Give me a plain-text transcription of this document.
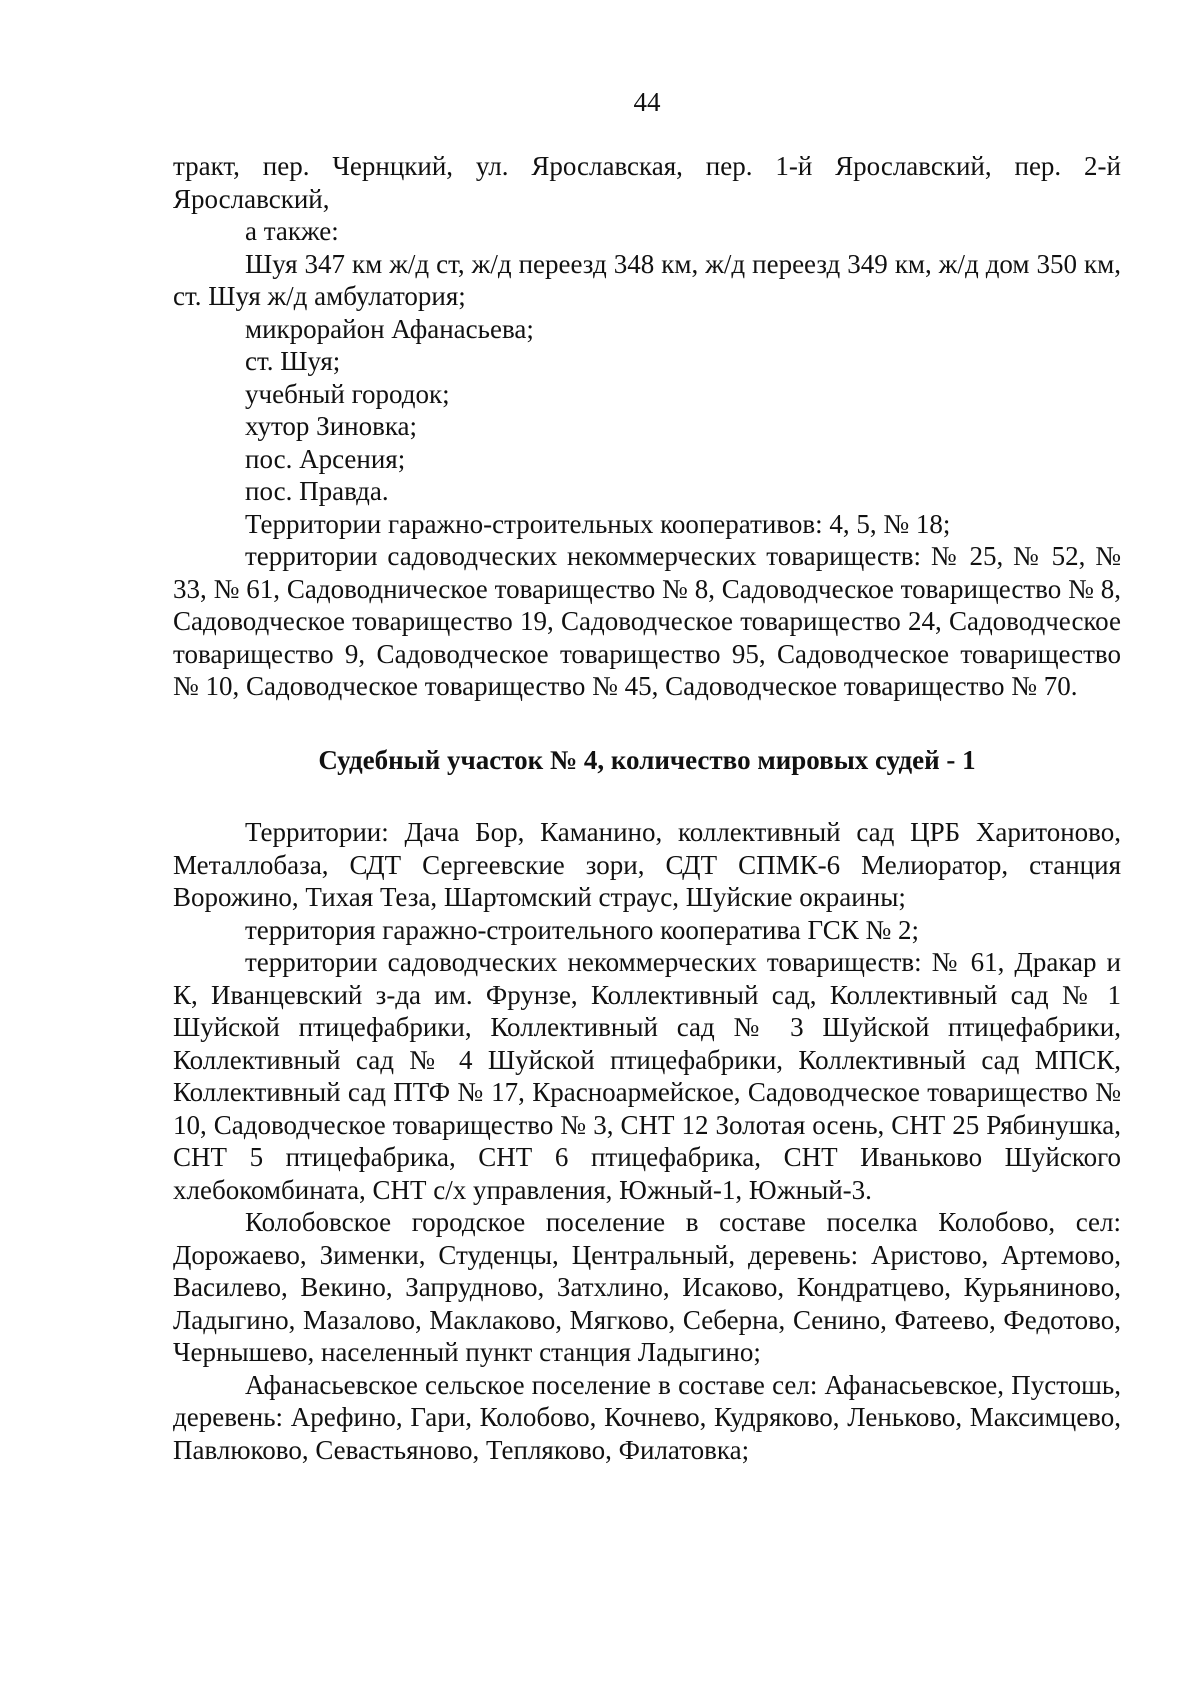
44

тракт, пер. Чернцкий, ул. Ярославская, пер. 1-й Ярославский, пер. 2-й Ярославский,

а также:

Шуя 347 км ж/д ст, ж/д переезд 348 км, ж/д переезд 349 км, ж/д дом 350 км, ст. Шуя ж/д амбулатория;

микрорайон Афанасьева;

ст. Шуя;

учебный городок;

хутор Зиновка;

пос. Арсения;

пос. Правда.

Территории гаражно-строительных кооперативов: 4, 5, № 18;

территории садоводческих некоммерческих товариществ: № 25, № 52, № 33, № 61, Садоводническое товарищество № 8, Садоводческое товарищество № 8, Садоводческое товарищество 19, Садоводческое товарищество 24, Садоводческое товарищество 9, Садоводческое товарищество 95, Садоводческое товарищество № 10, Садоводческое товарищество № 45, Садоводческое товарищество № 70.

Судебный участок № 4, количество мировых судей - 1

Территории: Дача Бор, Каманино, коллективный сад ЦРБ Харитоново, Металлобаза, СДТ Сергеевские зори, СДТ СПМК-6 Мелиоратор, станция Ворожино, Тихая Теза, Шартомский страус, Шуйские окраины;

территория гаражно-строительного кооператива ГСК № 2;

территории садоводческих некоммерческих товариществ: № 61, Дракар и К, Иванцевский з-да им. Фрунзе, Коллективный сад, Коллективный сад № 1 Шуйской птицефабрики, Коллективный сад № 3 Шуйской птицефабрики, Коллективный сад № 4 Шуйской птицефабрики, Коллективный сад МПСК, Коллективный сад ПТФ № 17, Красноармейское, Садоводческое товарищество № 10, Садоводческое товарищество № 3, СНТ 12 Золотая осень, СНТ 25 Рябинушка, СНТ 5 птицефабрика, СНТ 6 птицефабрика, СНТ Иваньково Шуйского хлебокомбината, СНТ с/х управления, Южный-1, Южный-3.

Колобовское городское поселение в составе поселка Колобово, сел: Дорожаево, Зименки, Студенцы, Центральный, деревень: Аристово, Артемово, Василево, Векино, Запрудново, Затхлино, Исаково, Кондратцево, Курьяниново, Ладыгино, Мазалово, Маклаково, Мягково, Себерна, Сенино, Фатеево, Федотово, Чернышево, населенный пункт станция Ладыгино;

Афанасьевское сельское поселение в составе сел: Афанасьевское, Пустошь, деревень: Арефино, Гари, Колобово, Кочнево, Кудряково, Леньково, Максимцево, Павлюково, Севастьяново, Тепляково, Филатовка;
